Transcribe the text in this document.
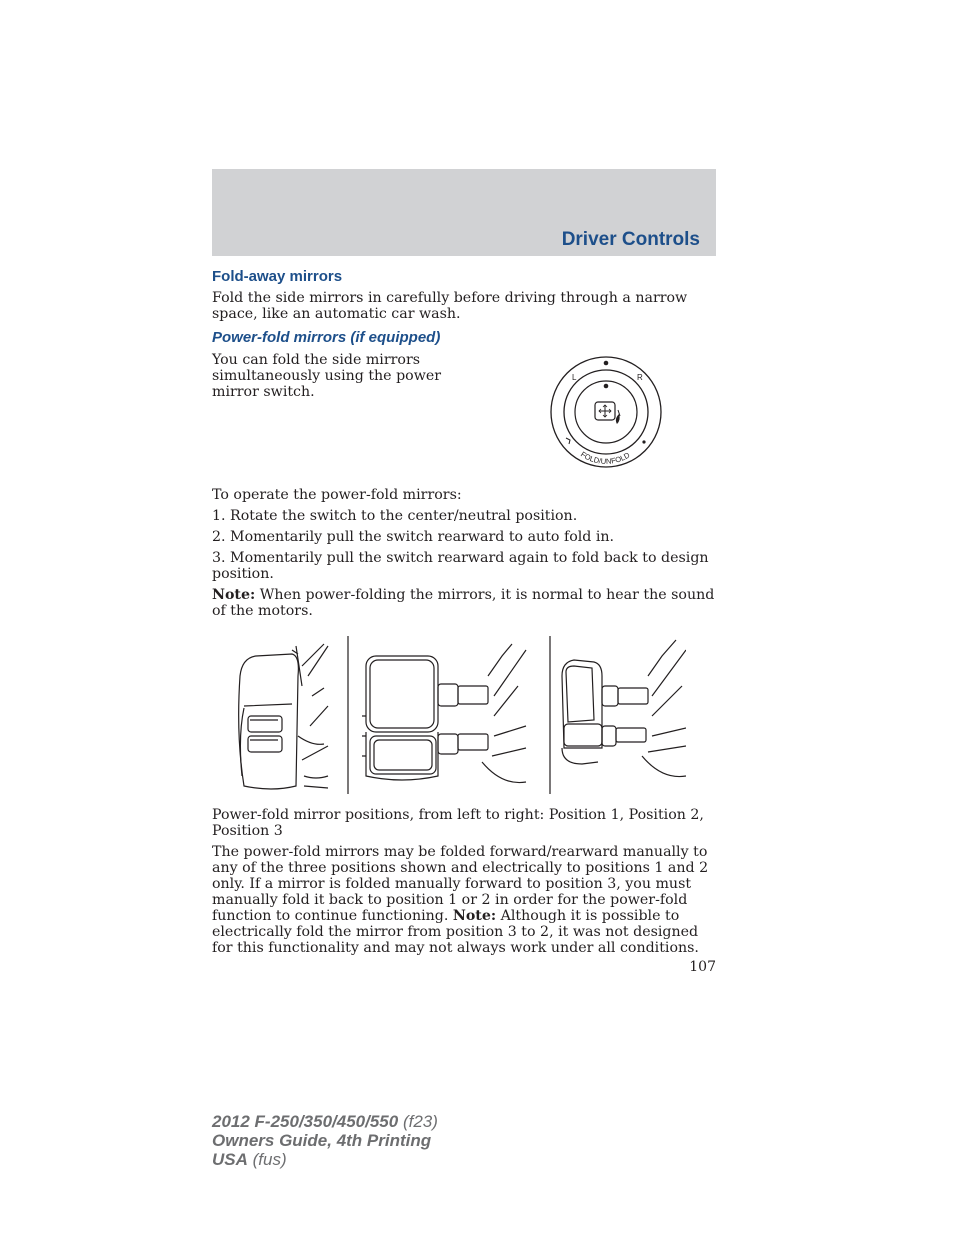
Driver Controls
Fold-away mirrors

Fold the side mirrors in carefully before driving through a narrow space, like an automatic car wash.

Power-fold mirrors (if equipped)

You can fold the side mirrors simultaneously using the power mirror switch.

L	R
FOLD/UNFOLD

To operate the power-fold mirrors:

1. Rotate the switch to the center/neutral position.

2. Momentarily pull the switch rearward to auto fold in.

3. Momentarily pull the switch rearward again to fold back to design position.

Note: When power-folding the mirrors, it is normal to hear the sound of the motors.

Power-fold mirror positions, from left to right: Position 1, Position 2, Position 3

The power-fold mirrors may be folded forward/rearward manually to any of the three positions shown and electrically to positions 1 and 2 only. If a mirror is folded manually forward to position 3, you must manually fold it back to position 1 or 2 in order for the power-fold function to continue functioning. Note: Although it is possible to electrically fold the mirror from position 3 to 2, it was not designed for this functionality and may not always work under all conditions.

107
2012 F-250/350/450/550 (f23)
Owners Guide, 4th Printing
USA (fus)
